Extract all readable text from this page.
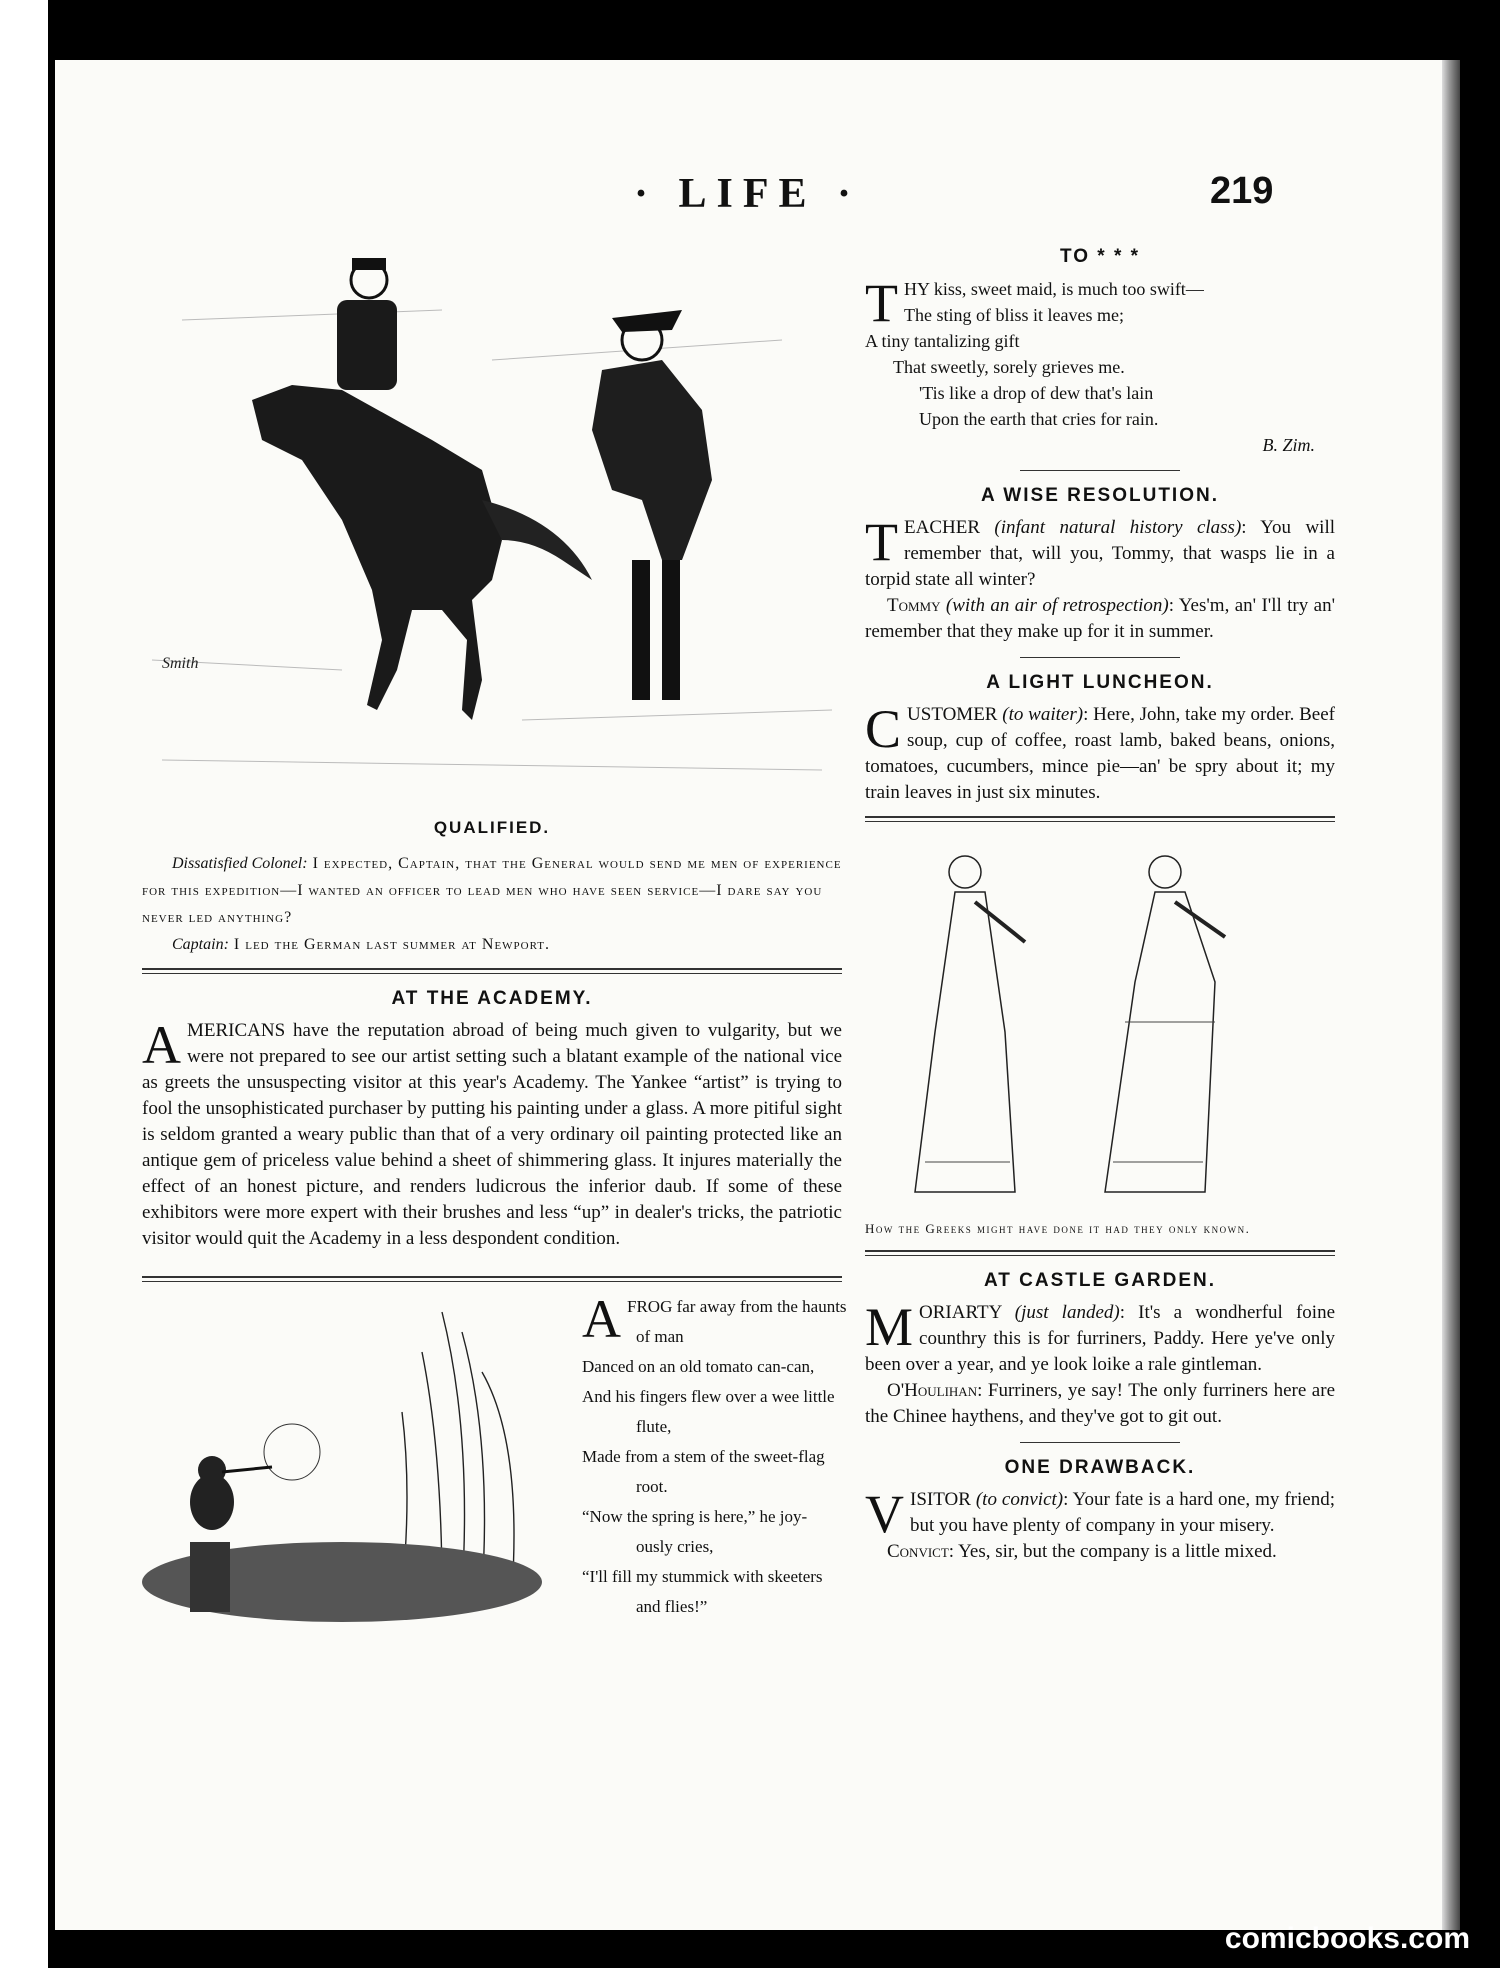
· LIFE ·	219
Smith
QUALIFIED.
Dissatisfied Colonel: I expected, Captain, that the General would send me men of experience for this expedition—I wanted an officer to lead men who have seen service—I dare say you never led anything?
Captain: I led the German last summer at Newport.
AT THE ACADEMY.

AMERICANS have the reputation abroad of being much given to vulgarity, but we were not prepared to see our artist setting such a blatant example of the national vice as greets the unsuspecting visitor at this year's Academy. The Yankee “artist” is trying to fool the unsophisticated purchaser by putting his painting under a glass. A more pitiful sight is seldom granted a weary public than that of a very ordinary oil painting protected like an antique gem of priceless value behind a sheet of shimmering glass. It injures materially the effect of an honest picture, and renders ludicrous the inferior daub. If some of these exhibitors were more expert with their brushes and less “up” in dealer's tricks, the patriotic visitor would quit the Academy in a less despondent condition.

AFROG far away from the haunts
of man
Danced on an old tomato can-can,
And his fingers flew over a wee little
flute,
Made from a stem of the sweet-flag
root.
“Now the spring is here,” he joy-
ously cries,
“I'll fill my stummick with skeeters
and flies!”
TO * * *
THY kiss, sweet maid, is much too swift—
The sting of bliss it leaves me;
A tiny tantalizing gift
That sweetly, sorely grieves me.
'Tis like a drop of dew that's lain
Upon the earth that cries for rain.
B. Zim.
A WISE RESOLUTION.

TEACHER (infant natural history class): You will remember that, will you, Tommy, that wasps lie in a torpid state all winter?

Tommy (with an air of retrospection): Yes'm, an' I'll try an' remember that they make up for it in summer.

A LIGHT LUNCHEON.

CUSTOMER (to waiter): Here, John, take my order. Beef soup, cup of coffee, roast lamb, baked beans, onions, tomatoes, cucumbers, mince pie—an' be spry about it; my train leaves in just six minutes.

How the Greeks might have done it had they only known.
AT CASTLE GARDEN.

MORIARTY (just landed): It's a wondherful foine counthry this is for furriners, Paddy. Here ye've only been over a year, and ye look loike a rale gintleman.

O'Houlihan: Furriners, ye say! The only furriners here are the Chinee haythens, and they've got to git out.

ONE DRAWBACK.

VISITOR (to convict): Your fate is a hard one, my friend; but you have plenty of company in your misery.

Convict: Yes, sir, but the company is a little mixed.

comicbooks.com
